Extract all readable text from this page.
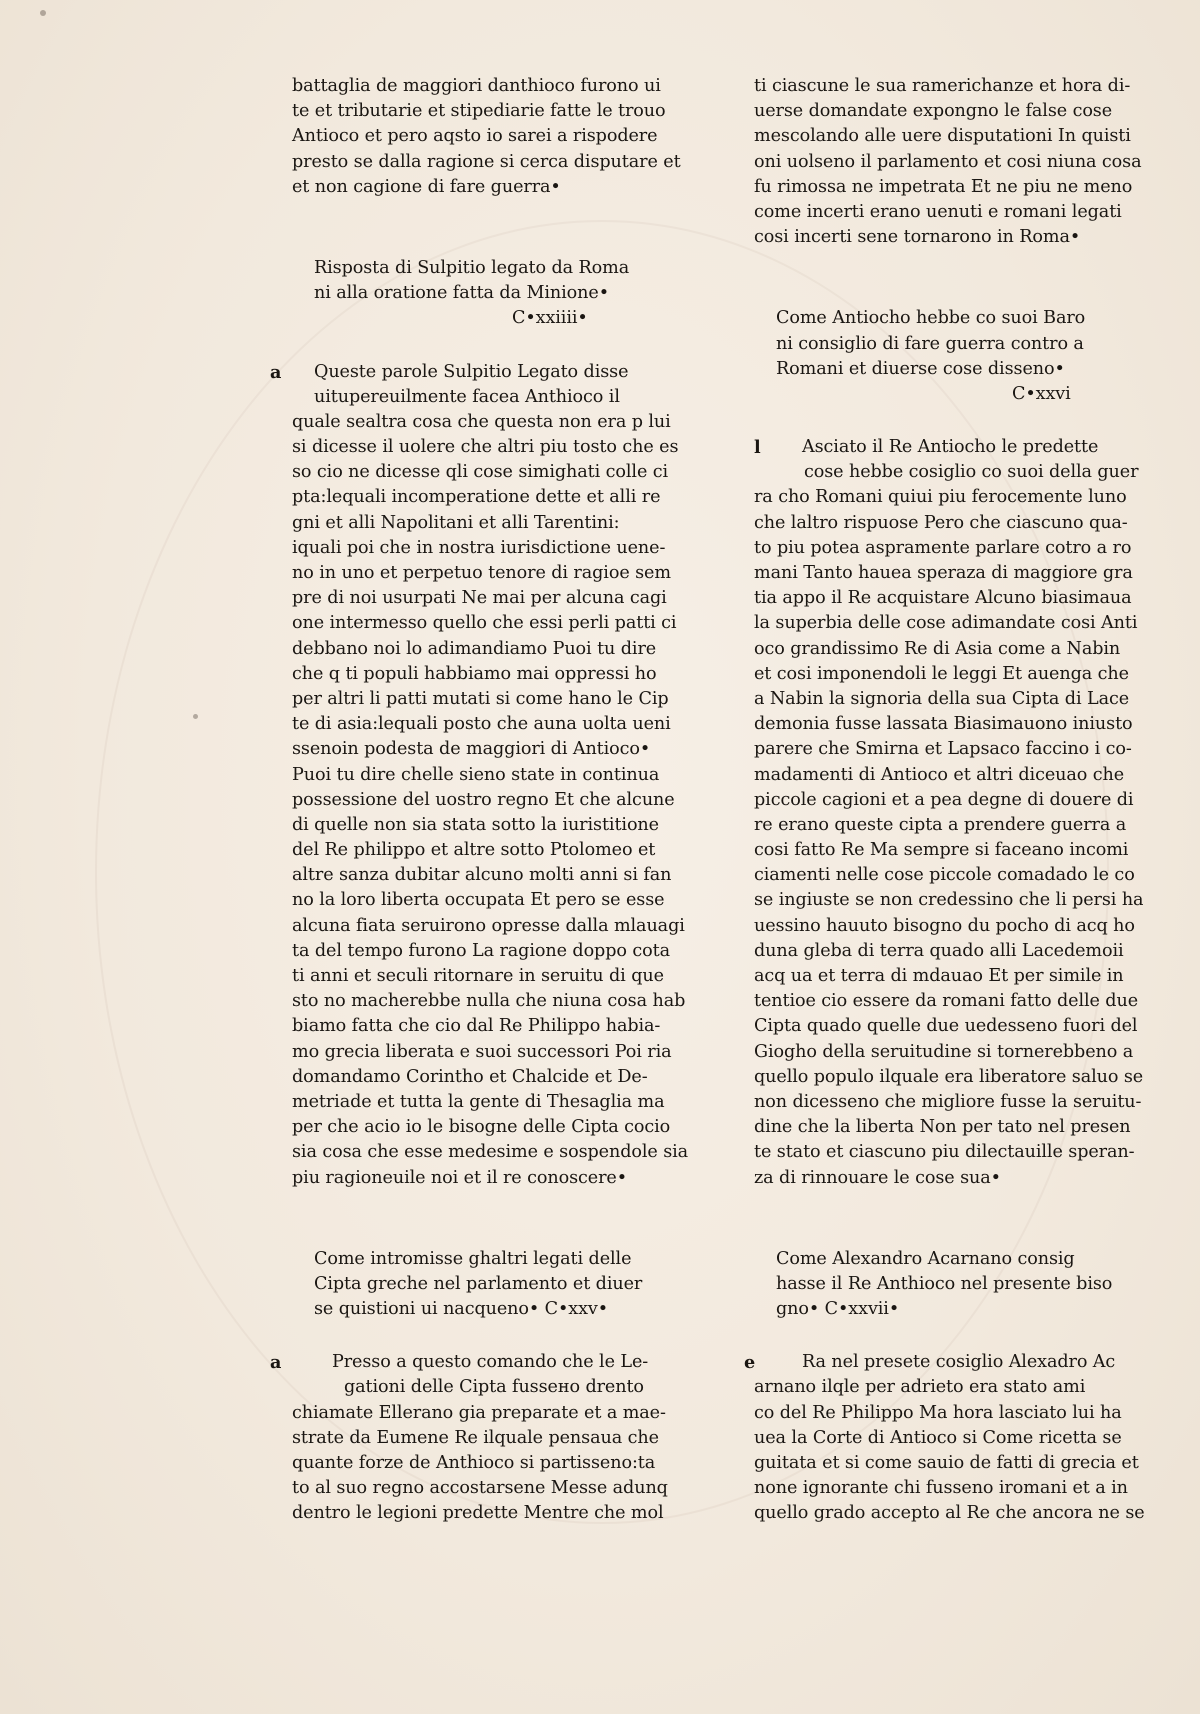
battaglia de maggiori danthioco furono ui
te et tributarie et stipediarie fatte le trouo
Antioco et pero aqsto io sarei a rispodere
presto se dalla ragione si cerca disputare et
et non cagione di fare guerra•
Risposta di Sulpitio legato da Roma
ni alla oratione fatta da Minione•
C•xxiiii•
a	Queste parole Sulpitio Legato disse
uitupereuilmente facea Anthioco il
quale sealtra cosa che questa non era p lui
si dicesse il uolere che altri piu tosto che es
so cio ne dicesse qli cose simighati colle ci
pta:lequali incomperatione dette et alli re
gni et alli Napolitani et alli Tarentini:
iquali poi che in nostra iurisdictione uene-
no in uno et perpetuo tenore di ragioe sem
pre di noi usurpati Ne mai per alcuna cagi
one intermesso quello che essi perli patti ci
debbano noi lo adimandiamo Puoi tu dire
che q ti populi habbiamo mai oppressi ho
per altri li patti mutati si come hano le Cip
te di asia:lequali posto che auna uolta ueni
ssenoin podesta de maggiori di Antioco•
Puoi tu dire chelle sieno state in continua
possessione del uostro regno Et che alcune
di quelle non sia stata sotto la iuristitione
del Re philippo et altre sotto Ptolomeo et
altre sanza dubitar alcuno molti anni si fan
no la loro liberta occupata Et pero se esse
alcuna fiata seruirono opresse dalla mlauagi
ta del tempo furono La ragione doppo cota
ti anni et seculi ritornare in seruitu di que
sto no macherebbe nulla che niuna cosa hab
biamo fatta che cio dal Re Philippo habia-
mo grecia liberata e suoi successori Poi ria
domandamo Corintho et Chalcide et De-
metriade et tutta la gente di Thesaglia ma
per che acio io le bisogne delle Cipta cocio
sia cosa che esse medesime e sospendole sia
piu ragioneuile noi et il re conoscere•
Come intromisse ghaltri legati delle
Cipta greche nel parlamento et diuer
se quistioni ui nacqueno• C•xxv•
a	Presso a questo comando che le Le-
gationi delle Cipta fussено drento
chiamate Ellerano gia preparate et a mae-
strate da Eumene Re ilquale pensaua che
quante forze de Anthioco si partisseno:ta
to al suo regno accostarsene Messe adunq
dentro le legioni predette Mentre che mol
ti ciascune le sua ramerichanze et hora di-
uerse domandate expongno le false cose
mescolando alle uere disputationi In quisti
oni uolseno il parlamento et cosi niuna cosa
fu rimossa ne impetrata Et ne piu ne meno
come incerti erano uenuti e romani legati
cosi incerti sene tornarono in Roma•
Come Antiocho hebbe co suoi Baro
ni consiglio di fare guerra contro a
Romani et diuerse cose disseno•
C•xxvi
l	Asciato il Re Antiocho le predette
cose hebbe cosiglio co suoi della guer
ra cho Romani quiui piu ferocemente luno
che laltro rispuose Pero che ciascuno qua-
to piu potea aspramente parlare cotro a ro
mani Tanto haueа sperаza di maggiore gra
tia appo il Re acquistare Alcuno biasimaua
la superbia delle cose adimandate cosi Anti
oco grandissimo Re di Asia come a Nabin
et cosi imponendoli le leggi Et auenga che
a Nabin la signoria della sua Cipta di Lace
demonia fusse lassata Biasimauono iniusto
parere che Smirna et Lapsaco faccino i co-
madamenti di Antioco et altri diceuao che
piccole cagioni et a pea degne di douere di
re erano queste cipta a prendere guerra a
cosi fatto Re Ma sempre si faceano incomi
ciamenti nelle cose piccole comadado le co
se ingiuste se non credessino che li persi ha
uessino hauuto bisogno du pocho di acq ho
duna gleba di terra quado alli Lacedemoii
acq ua et terra di mdauao Et per simile in
tentioe cio essere da romani fatto delle due
Cipta quado quelle due uedesseno fuori del
Giogho della seruitudine si tornerebbeno a
quello populo ilquale era liberatore saluo se
non dicesseno che migliore fusse la seruitu-
dine che la liberta Non per tato nel presen
te stato et ciascuno piu dilectauille speran-
za di rinnouare le cose sua•
Come Alexandro Acarnano consig
hasse il Re Anthioco nel presente biso
gno• C•xxvii•
e	Ra nel presete cosiglio Alexadro Ac
arnano ilqle per adrieto era stato ami
co del Re Philippo Ma hora lasciato lui ha
uea la Corte di Antioco si Come ricetta se
guitata et si come sauio de fatti di grecia et
none ignorante chi fusseno iromani et a in
quello grado accepto al Re che ancora ne se
